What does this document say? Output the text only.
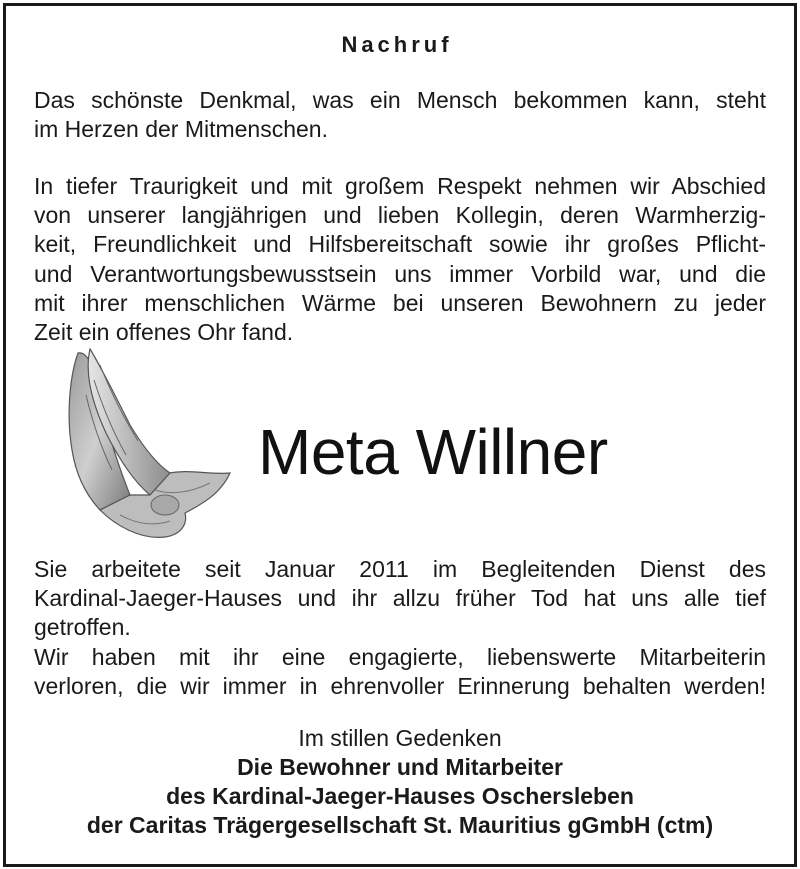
Nachruf
Das schönste Denkmal, was ein Mensch bekommen kann, steht
im Herzen der Mitmenschen.
In tiefer Traurigkeit und mit großem Respekt nehmen wir Abschied
von unserer langjährigen und lieben Kollegin, deren Warmherzig-
keit, Freundlichkeit und Hilfsbereitschaft sowie ihr großes Pflicht-
und Verantwortungsbewusstsein uns immer Vorbild war, und die
mit ihrer menschlichen Wärme bei unseren Bewohnern zu jeder
Zeit ein offenes Ohr fand.
Meta Willner
Sie arbeitete seit Januar 2011 im Begleitenden Dienst des
Kardinal-Jaeger-Hauses und ihr allzu früher Tod hat uns alle tief
getroffen.
Wir haben mit ihr eine engagierte, liebenswerte Mitarbeiterin
verloren, die wir immer in ehrenvoller Erinnerung behalten werden!
Im stillen Gedenken
Die Bewohner und Mitarbeiter
des Kardinal-Jaeger-Hauses Oschersleben
der Caritas Trägergesellschaft St. Mauritius gGmbH (ctm)
